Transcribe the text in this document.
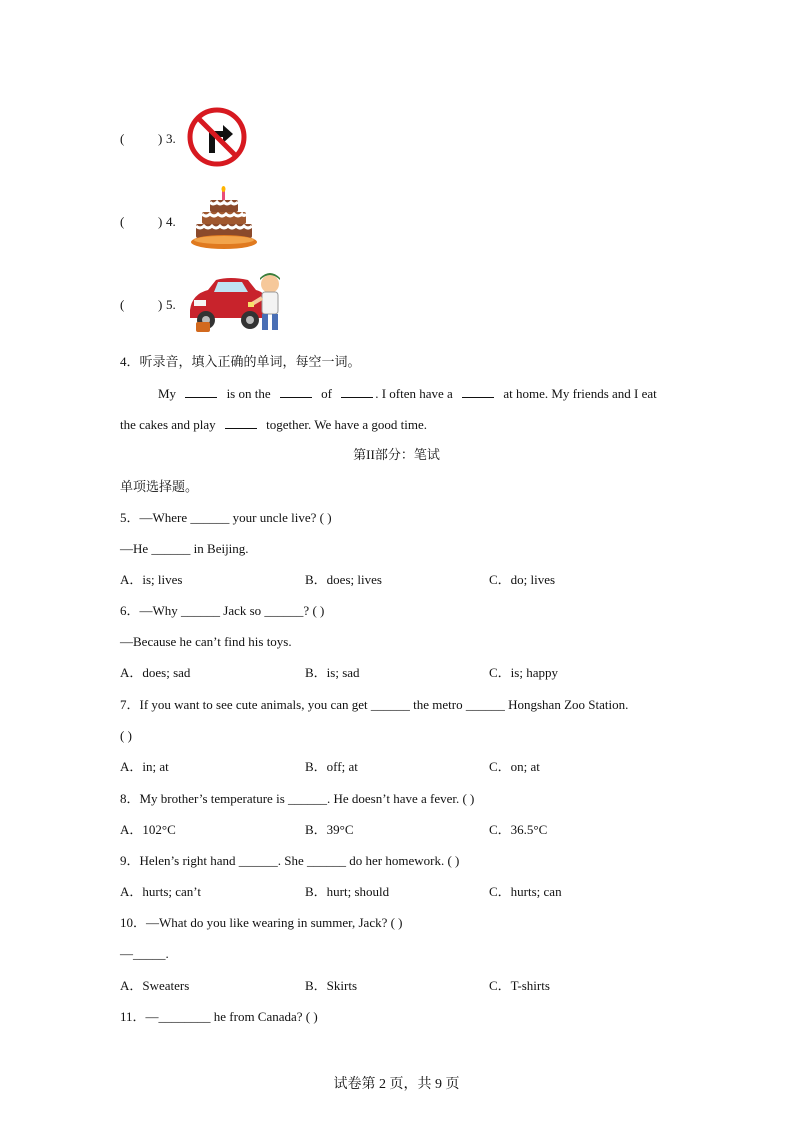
(	) 3.
(	) 4.
(	) 5.
4．听录音，填入正确的单词，每空一词。
My	is on the	of	. I often have a	at home. My friends and I eat
the cakes and play	together. We have a good time.
第II部分：笔试
单项选择题。
5．—Where ______ your uncle live? ( )
—He ______ in Beijing.
A．is; lives	B．does; lives	C．do; lives
6．—Why ______ Jack so ______? ( )
—Because he can’t find his toys.
A．does; sad	B．is; sad	C．is; happy
7．If you want to see cute animals, you can get ______ the metro ______ Hongshan Zoo Station.
( )
A．in; at	B．off; at	C．on; at
8．My brother’s temperature is ______. He doesn’t have a fever. ( )
A．102°C	B．39°C	C．36.5°C
9．Helen’s right hand ______. She ______ do her homework. ( )
A．hurts; can’t	B．hurt; should	C．hurts; can
10．—What do you like wearing in summer, Jack? ( )
—_____.
A．Sweaters	B．Skirts	C．T-shirts
11．—________ he from Canada? ( )
试卷第 2 页，共 9 页
